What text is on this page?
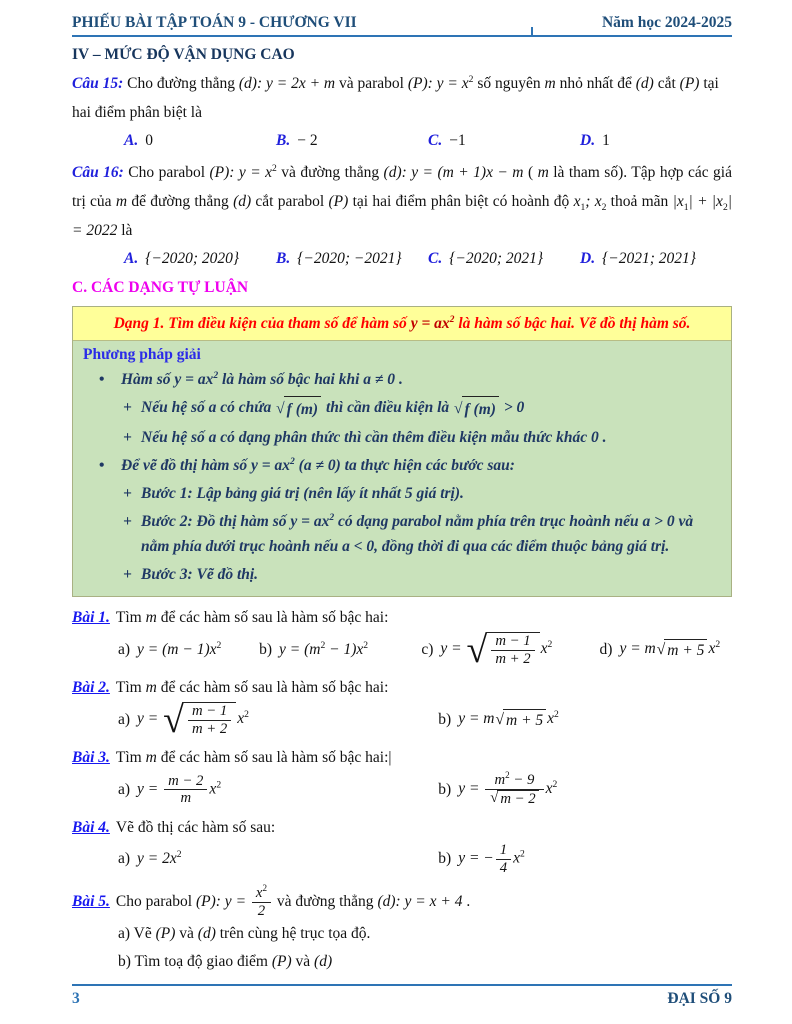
PHIẾU BÀI TẬP TOÁN 9 - CHƯƠNG VII	Năm học 2024-2025
IV – MỨC ĐỘ VẬN DỤNG CAO

Câu 15: Cho đường thẳng (d): y = 2x + m và parabol (P): $y = x^2$ số nguyên m nhỏ nhất để (d) cắt (P) tại hai điểm phân biệt là

A. 0	B. − 2	C. −1	D. 1

Câu 16: Cho parabol (P): $y = x^2$ và đường thẳng (d): y = (m + 1)x − m ( m là tham số). Tập hợp các giá trị của m để đường thẳng (d) cắt parabol (P) tại hai điểm phân biệt có hoành độ $x_1$; $x_2$ thoả mãn $|x_1| + |x_2| = 2022$ là

A. {−2020; 2020}	B. {−2020; −2021}	C. {−2020; 2021}	D. {−2021; 2021}
C. CÁC DẠNG TỰ LUẬN
Dạng 1. Tìm điều kiện của tham số để hàm số $y = ax^2$ là hàm số bậc hai. Vẽ đồ thị hàm số.
Phương pháp giải
•	Hàm số $y = ax^2$ là hàm số bậc hai khi a ≠ 0 .
+ Nếu hệ số a có chứa √ f (m) thì cần điều kiện là √ f (m) > 0
+ Nếu hệ số a có dạng phân thức thì cần thêm điều kiện mẫu thức khác 0 .
•	Để vẽ đồ thị hàm số $y = ax^2$ (a ≠ 0) ta thực hiện các bước sau:
+ Bước 1: Lập bảng giá trị (nên lấy ít nhất 5 giá trị).
+ Bước 2: Đồ thị hàm số $y = ax^2$ có dạng parabol nằm phía trên trục hoành nếu a > 0 và nằm phía dưới trục hoành nếu a < 0, đồng thời đi qua các điểm thuộc bảng giá trị.
+ Bước 3: Vẽ đồ thị.

Bài 1. Tìm m để các hàm số sau là hàm số bậc hai:

a) $y = (m - 1)x^2$ b) $y = (m^2 - 1)x^2$	c) y = √ $\frac{m - 1}{m + 2} x^2$	d) y = m √ m + 5 $x^2$

Bài 2. Tìm m để các hàm số sau là hàm số bậc hai:

a) y = √ $\frac{m - 1}{m + 2} x^2$	b) y = m √ m + 5 $x^2$

Bài 3. Tìm m để các hàm số sau là hàm số bậc hai:|

a) $y = \frac{m - 2}{m} x^2$	b) $y = \frac{m^2 - 9}{√ m - 2} x^2$

Bài 4. Vẽ đồ thị các hàm số sau:

a) $y = 2x^2$	b) y = − $\frac{1}{4} x^2$

Bài 5. Cho parabol (P): $y = \frac{x^2}{2}$ và đường thẳng (d): y = x + 4 .

a) Vẽ (P) và (d) trên cùng hệ trục tọa độ.
b) Tìm toạ độ giao điểm (P) và (d)
3	ĐẠI SỐ 9
